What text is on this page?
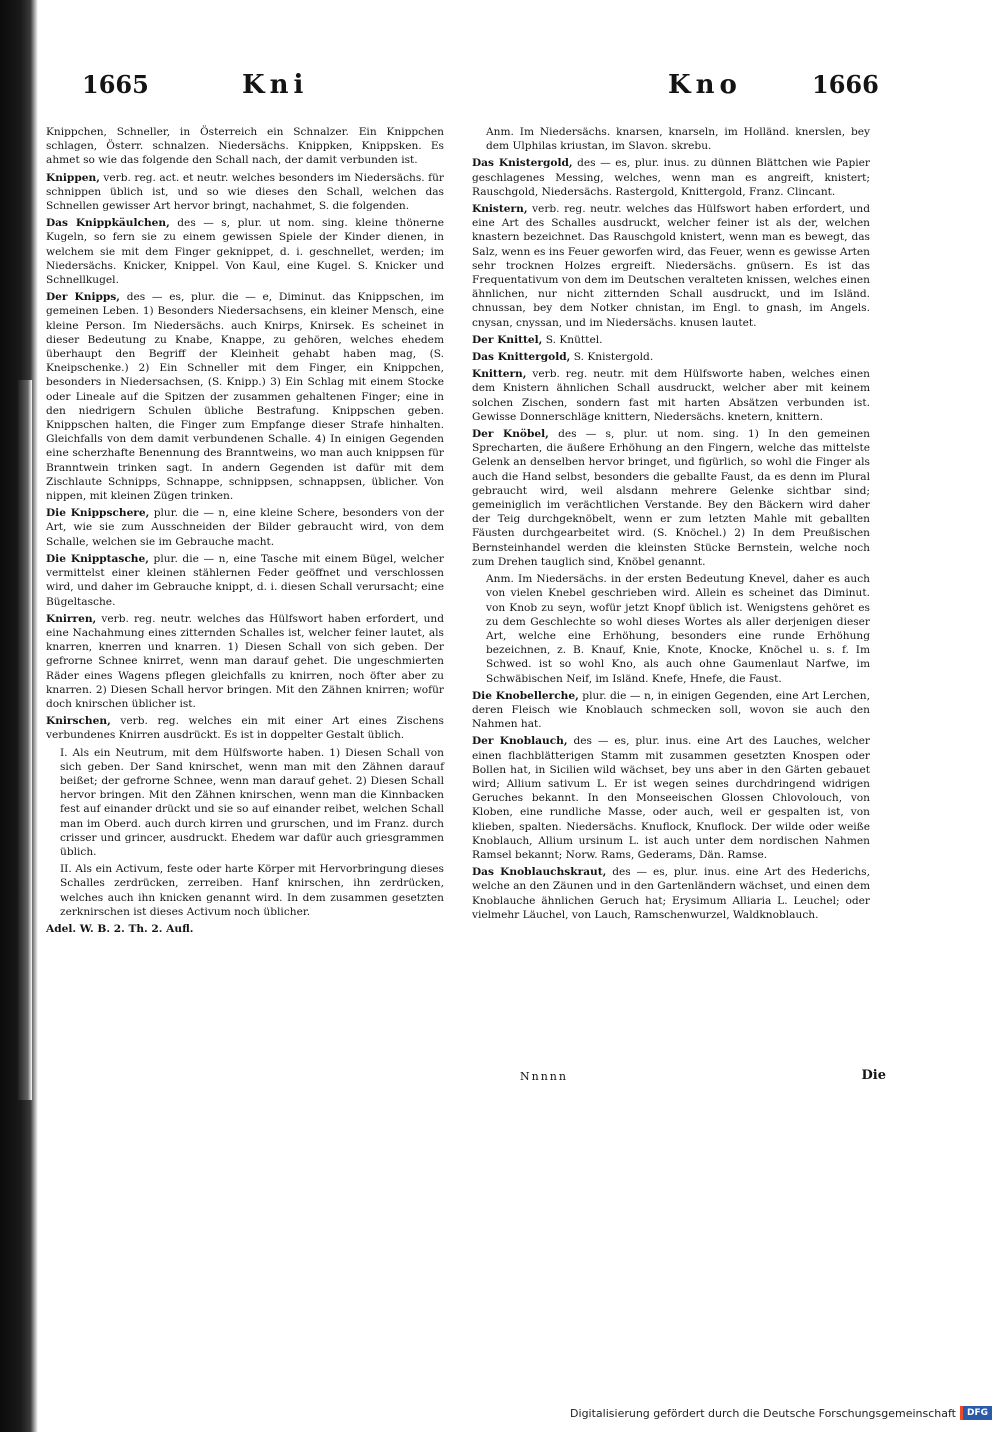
1665	Kni	Kno	1666

Knippchen, Schneller, in Österreich ein Schnalzer. Ein Knippchen schlagen, Österr. schnalzen. Niedersächs. Knippken, Knippsken. Es ahmet so wie das folgende den Schall nach, der damit verbunden ist.

Knippen, verb. reg. act. et neutr. welches besonders im Niedersächs. für schnippen üblich ist, und so wie dieses den Schall, welchen das Schnellen gewisser Art hervor bringt, nachahmet, S. die folgenden.

Das Knippkäulchen, des — s, plur. ut nom. sing. kleine thönerne Kugeln, so fern sie zu einem gewissen Spiele der Kinder dienen, in welchem sie mit dem Finger geknippet, d. i. geschnellet, werden; im Niedersächs. Knicker, Knippel. Von Kaul, eine Kugel. S. Knicker und Schnellkugel.

Der Knipps, des — es, plur. die — e, Diminut. das Knippschen, im gemeinen Leben. 1) Besonders Niedersachsens, ein kleiner Mensch, eine kleine Person. Im Niedersächs. auch Knirps, Knirsek. Es scheinet in dieser Bedeutung zu Knabe, Knappe, zu gehören, welches ehedem überhaupt den Begriff der Kleinheit gehabt haben mag, (S. Kneipschenke.) 2) Ein Schneller mit dem Finger, ein Knippchen, besonders in Niedersachsen, (S. Knipp.) 3) Ein Schlag mit einem Stocke oder Lineale auf die Spitzen der zusammen gehaltenen Finger; eine in den niedrigern Schulen übliche Bestrafung. Knippschen geben. Knippschen halten, die Finger zum Empfange dieser Strafe hinhalten. Gleichfalls von dem damit verbundenen Schalle. 4) In einigen Gegenden eine scherzhafte Benennung des Branntweins, wo man auch knippsen für Branntwein trinken sagt. In andern Gegenden ist dafür mit dem Zischlaute Schnipps, Schnappe, schnippsen, schnappsen, üblicher. Von nippen, mit kleinen Zügen trinken.

Die Knippschere, plur. die — n, eine kleine Schere, besonders von der Art, wie sie zum Ausschneiden der Bilder gebraucht wird, von dem Schalle, welchen sie im Gebrauche macht.

Die Knipptasche, plur. die — n, eine Tasche mit einem Bügel, welcher vermittelst einer kleinen stählernen Feder geöffnet und verschlossen wird, und daher im Gebrauche knippt, d. i. diesen Schall verursacht; eine Bügeltasche.

Knirren, verb. reg. neutr. welches das Hülfswort haben erfordert, und eine Nachahmung eines zitternden Schalles ist, welcher feiner lautet, als knarren, knerren und knarren. 1) Diesen Schall von sich geben. Der gefrorne Schnee knirret, wenn man darauf gehet. Die ungeschmierten Räder eines Wagens pflegen gleichfalls zu knirren, noch öfter aber zu knarren. 2) Diesen Schall hervor bringen. Mit den Zähnen knirren; wofür doch knirschen üblicher ist.

Knirschen, verb. reg. welches ein mit einer Art eines Zischens verbundenes Knirren ausdrückt. Es ist in doppelter Gestalt üblich.

I. Als ein Neutrum, mit dem Hülfsworte haben. 1) Diesen Schall von sich geben. Der Sand knirschet, wenn man mit den Zähnen darauf beißet; der gefrorne Schnee, wenn man darauf gehet. 2) Diesen Schall hervor bringen. Mit den Zähnen knirschen, wenn man die Kinnbacken fest auf einander drückt und sie so auf einander reibet, welchen Schall man im Oberd. auch durch kirren und grurschen, und im Franz. durch crisser und grincer, ausdruckt. Ehedem war dafür auch griesgrammen üblich.

II. Als ein Activum, feste oder harte Körper mit Hervorbringung dieses Schalles zerdrücken, zerreiben. Hanf knirschen, ihn zerdrücken, welches auch ihn knicken genannt wird. In dem zusammen gesetzten zerknirschen ist dieses Activum noch üblicher.

Adel. W. B. 2. Th. 2. Aufl.

Anm. Im Niedersächs. knarsen, knarseln, im Holländ. knerslen, bey dem Ulphilas kriustan, im Slavon. skrebu.

Das Knistergold, des — es, plur. inus. zu dünnen Blättchen wie Papier geschlagenes Messing, welches, wenn man es angreift, knistert; Rauschgold, Niedersächs. Rastergold, Knittergold, Franz. Clincant.

Knistern, verb. reg. neutr. welches das Hülfswort haben erfordert, und eine Art des Schalles ausdruckt, welcher feiner ist als der, welchen knastern bezeichnet. Das Rauschgold knistert, wenn man es bewegt, das Salz, wenn es ins Feuer geworfen wird, das Feuer, wenn es gewisse Arten sehr trocknen Holzes ergreift. Niedersächs. gnüsern. Es ist das Frequentativum von dem im Deutschen veralteten knissen, welches einen ähnlichen, nur nicht zitternden Schall ausdruckt, und im Isländ. chnussan, bey dem Notker chnistan, im Engl. to gnash, im Angels. cnysan, cnyssan, und im Niedersächs. knusen lautet.

Der Knittel, S. Knüttel.

Das Knittergold, S. Knistergold.

Knittern, verb. reg. neutr. mit dem Hülfsworte haben, welches einen dem Knistern ähnlichen Schall ausdruckt, welcher aber mit keinem solchen Zischen, sondern fast mit harten Absätzen verbunden ist. Gewisse Donnerschläge knittern, Niedersächs. knetern, knittern.

Der Knöbel, des — s, plur. ut nom. sing. 1) In den gemeinen Sprecharten, die äußere Erhöhung an den Fingern, welche das mittelste Gelenk an denselben hervor bringet, und figürlich, so wohl die Finger als auch die Hand selbst, besonders die geballte Faust, da es denn im Plural gebraucht wird, weil alsdann mehrere Gelenke sichtbar sind; gemeiniglich im verächtlichen Verstande. Bey den Bäckern wird daher der Teig durchgeknöbelt, wenn er zum letzten Mahle mit geballten Fäusten durchgearbeitet wird. (S. Knöchel.) 2) In dem Preußischen Bernsteinhandel werden die kleinsten Stücke Bernstein, welche noch zum Drehen tauglich sind, Knöbel genannt.

Anm. Im Niedersächs. in der ersten Bedeutung Knevel, daher es auch von vielen Knebel geschrieben wird. Allein es scheinet das Diminut. von Knob zu seyn, wofür jetzt Knopf üblich ist. Wenigstens gehöret es zu dem Geschlechte so wohl dieses Wortes als aller derjenigen dieser Art, welche eine Erhöhung, besonders eine runde Erhöhung bezeichnen, z. B. Knauf, Knie, Knote, Knocke, Knöchel u. s. f. Im Schwed. ist so wohl Kno, als auch ohne Gaumenlaut Narfwe, im Schwäbischen Neif, im Isländ. Knefe, Hnefe, die Faust.

Die Knobellerche, plur. die — n, in einigen Gegenden, eine Art Lerchen, deren Fleisch wie Knoblauch schmecken soll, wovon sie auch den Nahmen hat.

Der Knoblauch, des — es, plur. inus. eine Art des Lauches, welcher einen flachblätterigen Stamm mit zusammen gesetzten Knospen oder Bollen hat, in Sicilien wild wächset, bey uns aber in den Gärten gebauet wird; Allium sativum L. Er ist wegen seines durchdringend widrigen Geruches bekannt. In den Monseeischen Glossen Chlovolouch, von Kloben, eine rundliche Masse, oder auch, weil er gespalten ist, von klieben, spalten. Niedersächs. Knuflock, Knuflock. Der wilde oder weiße Knoblauch, Allium ursinum L. ist auch unter dem nordischen Nahmen Ramsel bekannt; Norw. Rams, Gederams, Dän. Ramse.

Das Knoblauchskraut, des — es, plur. inus. eine Art des Hederichs, welche an den Zäunen und in den Gartenländern wächset, und einen dem Knoblauche ähnlichen Geruch hat; Erysimum Alliaria L. Leuchel; oder vielmehr Läuchel, von Lauch, Ramschenwurzel, Waldknoblauch.

Nnnnn	Die
Digitalisierung gefördert durch die Deutsche Forschungsgemeinschaft	DFG
